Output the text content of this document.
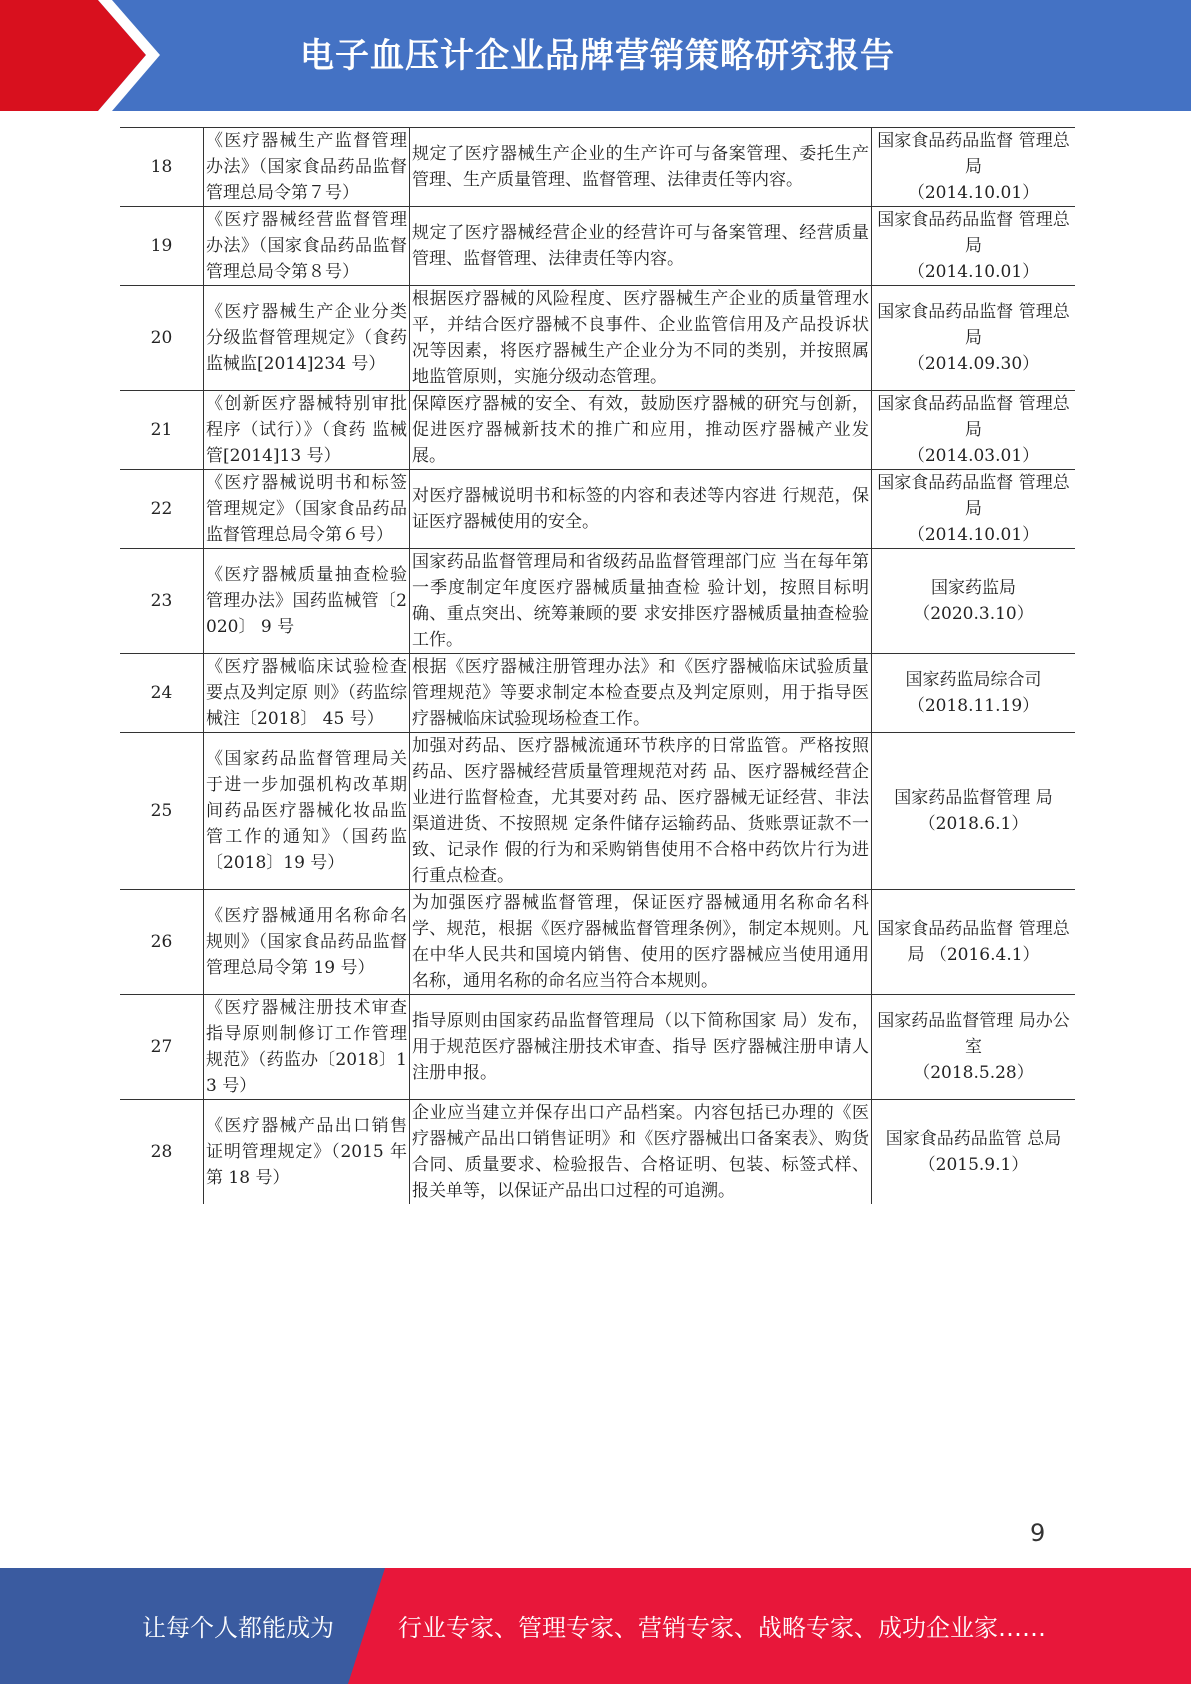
电子血压计企业品牌营销策略研究报告
18	《医疗器械生产监督管理办法》（国家食品药品监督管理总局令第７号）	规定了医疗器械生产企业的生产许可与备案管理、委托生产管理、生产质量管理、监督管理、法律责任等内容。	国家食品药品监督 管理总局
（2014.10.01）

19	《医疗器械经营监督管理办法》（国家食品药品监督管理总局令第８号）	规定了医疗器械经营企业的经营许可与备案管理、经营质量管理、监督管理、法律责任等内容。	国家食品药品监督 管理总局
（2014.10.01）

20	《医疗器械生产企业分类分级监督管理规定》（食药监械监[2014]234 号）	根据医疗器械的风险程度、医疗器械生产企业的质量管理水平，并结合医疗器械不良事件、企业监管信用及产品投诉状况等因素，将医疗器械生产企业分为不同的类别，并按照属地监管原则，实施分级动态管理。	国家食品药品监督 管理总局
（2014.09.30）

21	《创新医疗器械特别审批程序（试行）》（食药 监械管[2014]13 号）	保障医疗器械的安全、有效，鼓励医疗器械的研究与创新，促进医疗器械新技术的推广和应用，推动医疗器械产业发展。	国家食品药品监督 管理总局
（2014.03.01）

22	《医疗器械说明书和标签管理规定》（国家食品药品监督管理总局令第６号）	对医疗器械说明书和标签的内容和表述等内容进 行规范，保证医疗器械使用的安全。	国家食品药品监督 管理总局
（2014.10.01）

23	《医疗器械质量抽查检验管理办法》国药监械管〔2020〕 9 号	国家药品监督管理局和省级药品监督管理部门应 当在每年第一季度制定年度医疗器械质量抽查检 验计划，按照目标明确、重点突出、统筹兼顾的要 求安排医疗器械质量抽查检验工作。	国家药监局
（2020.3.10）

24	《医疗器械临床试验检查要点及判定原 则》（药监综械注〔2018〕 45 号）	根据《医疗器械注册管理办法》和《医疗器械临床试验质量管理规范》等要求制定本检查要点及判定原则，用于指导医疗器械临床试验现场检查工作。	国家药监局综合司
（2018.11.19）

25	《国家药品监督管理局关于进一步加强机构改革期间药品医疗器械化妆品监管工作的通知》（国药监〔2018〕19 号）	加强对药品、医疗器械流通环节秩序的日常监管。严格按照药品、医疗器械经营质量管理规范对药 品、医疗器械经营企业进行监督检查，尤其要对药 品、医疗器械无证经营、非法渠道进货、不按照规 定条件储存运输药品、货账票证款不一致、记录作 假的行为和采购销售使用不合格中药饮片行为进 行重点检查。	国家药品监督管理 局
（2018.6.1）

26	《医疗器械通用名称命名规则》（国家食品药品监督管理总局令第 19 号）	为加强医疗器械监督管理，保证医疗器械通用名称命名科学、规范，根据《医疗器械监督管理条例》，制定本规则。凡在中华人民共和国境内销售、使用的医疗器械应当使用通用名称，通用名称的命名应当符合本规则。	国家食品药品监督 管理总局 （2016.4.1）

27	《医疗器械注册技术审查指导原则制修订工作管理规范》（药监办〔2018〕13 号）	指导原则由国家药品监督管理局（以下简称国家 局）发布，用于规范医疗器械注册技术审查、指导 医疗器械注册申请人注册申报。	国家药品监督管理 局办公室
（2018.5.28）

28	《医疗器械产品出口销售证明管理规定》（2015 年第 18 号）	企业应当建立并保存出口产品档案。内容包括已办理的《医疗器械产品出口销售证明》和《医疗器械出口备案表》、购货合同、质量要求、检验报告、合格证明、包装、标签式样、报关单等，以保证产品出口过程的可追溯。	国家食品药品监管 总局
（2015.9.1）
9
让每个人都能成为	行业专家、管理专家、营销专家、战略专家、成功企业家……
